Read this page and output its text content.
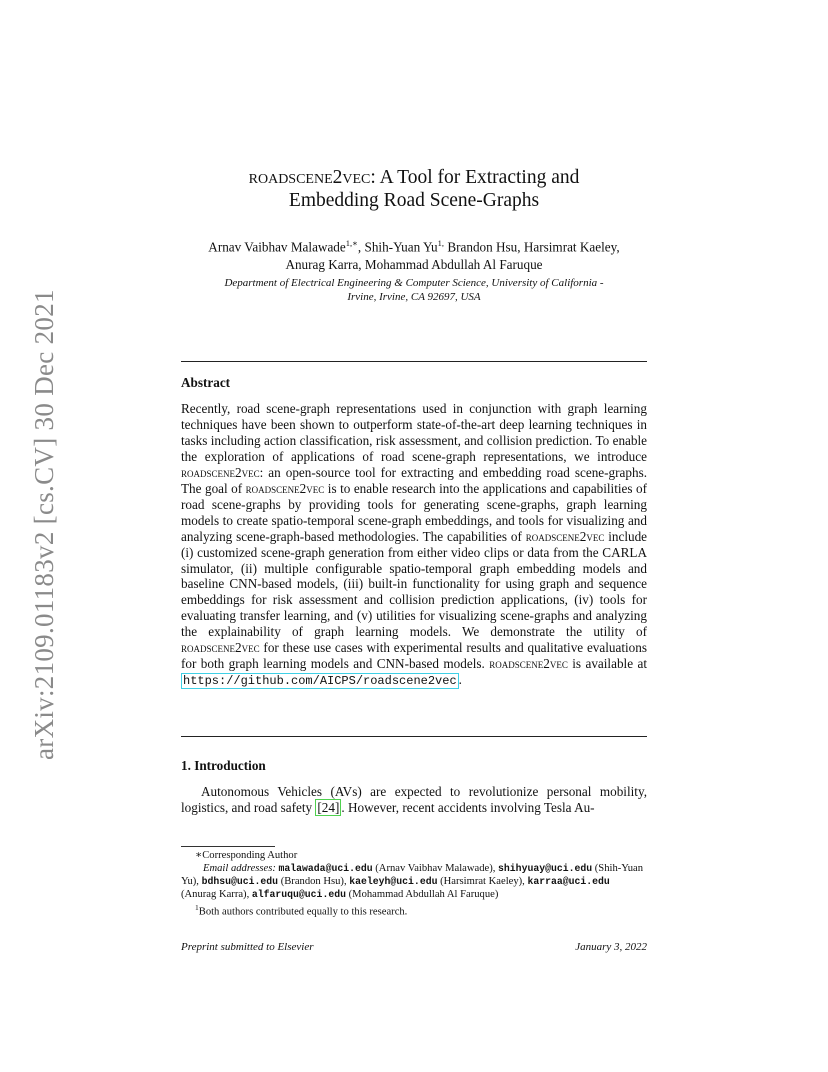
arXiv:2109.01183v2 [cs.CV] 30 Dec 2021
roadscene2vec: A Tool for Extracting and
Embedding Road Scene-Graphs
Arnav Vaibhav Malawade$^{1,∗}$, Shih-Yuan $Yu^{1,}$ Brandon Hsu, Harsimrat Kaeley,
Anurag Karra, Mohammad Abdullah Al Faruque
Department of Electrical Engineering & Computer Science, University of California -
Irvine, Irvine, CA 92697, USA
Abstract
Recently, road scene-graph representations used in conjunction with graph learning techniques have been shown to outperform state-of-the-art deep learning techniques in tasks including action classification, risk assessment, and collision prediction. To enable the exploration of applications of road scene-graph representations, we introduce roadscene2vec: an open-source tool for extracting and embedding road scene-graphs. The goal of roadscene2vec is to enable research into the applications and capabilities of road scene-graphs by providing tools for generating scene-graphs, graph learning models to create spatio-temporal scene-graph embeddings, and tools for visualizing and analyzing scene-graph-based methodologies. The capabilities of roadscene2vec include (i) customized scene-graph generation from either video clips or data from the CARLA simulator, (ii) multiple configurable spatio-temporal graph embedding models and baseline CNN-based models, (iii) built-in functionality for using graph and sequence embeddings for risk assessment and collision prediction applications, (iv) tools for evaluating transfer learning, and (v) utilities for visualizing scene-graphs and analyzing the explainability of graph learning models. We demonstrate the utility of roadscene2vec for these use cases with experimental results and qualitative evaluations for both graph learning models and CNN-based models. roadscene2vec is available at https://github.com/AICPS/roadscene2vec .
1. Introduction
Autonomous Vehicles (AVs) are expected to revolutionize personal mobility, logistics, and road safety [24] . However, recent accidents involving Tesla Au-
∗Corresponding Author
Email addresses: malawada@uci.edu (Arnav Vaibhav Malawade), shihyuay@uci.edu (Shih-Yuan Yu), bdhsu@uci.edu (Brandon Hsu), kaeleyh@uci.edu (Harsimrat Kaeley), karraa@uci.edu (Anurag Karra), alfaruqu@uci.edu (Mohammad Abdullah Al Faruque)
$^1$Both authors contributed equally to this research.
Preprint submitted to Elsevier	January 3, 2022
